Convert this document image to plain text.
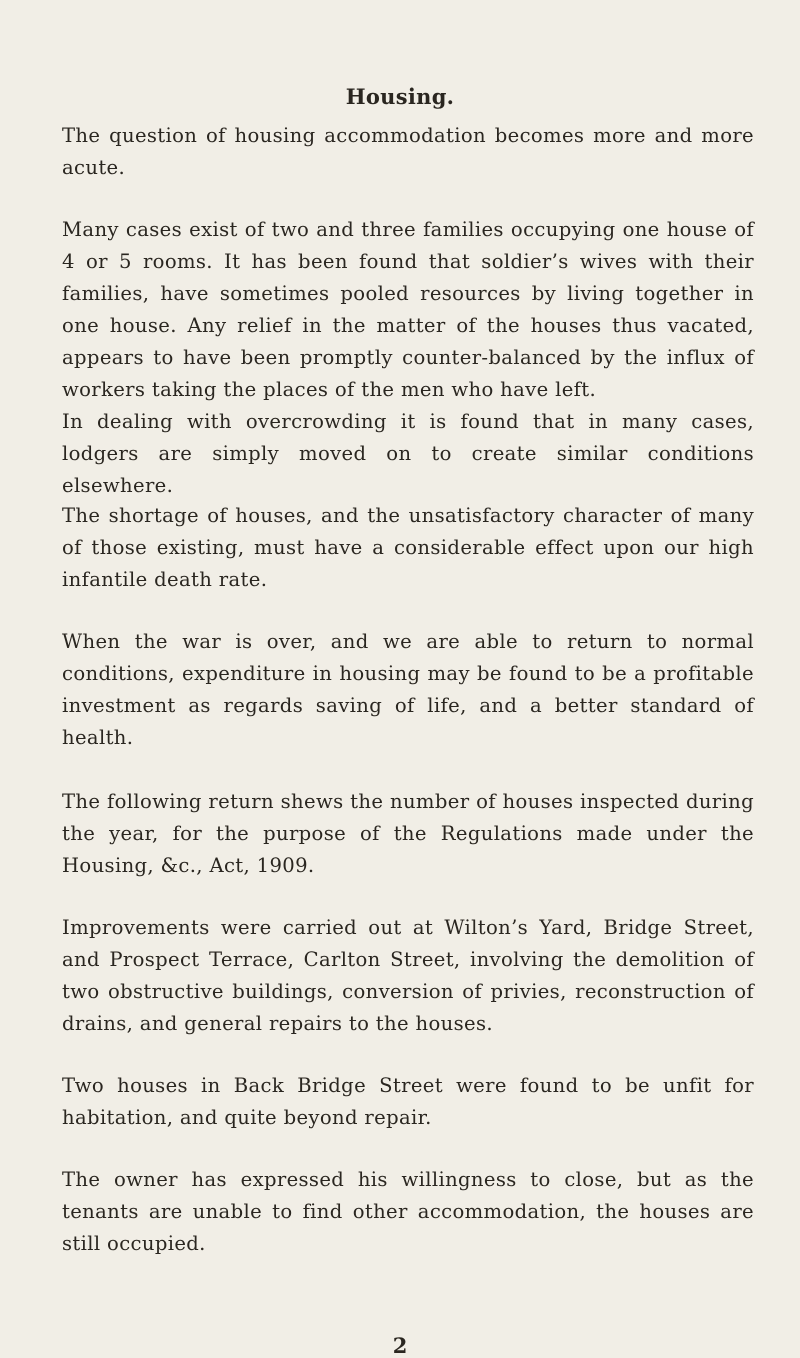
Housing.

The question of housing accommodation becomes more and more acute.

Many cases exist of two and three families occupying one house of 4 or 5 rooms. It has been found that soldier’s wives with their families, have sometimes pooled resources by living together in one house. Any relief in the matter of the houses thus vacated, appears to have been promptly counter-balanced by the influx of workers taking the places of the men who have left.

In dealing with overcrowding it is found that in many cases, lodgers are simply moved on to create similar conditions elsewhere.

The shortage of houses, and the unsatisfactory character of many of those existing, must have a considerable effect upon our high infantile death rate.

When the war is over, and we are able to return to normal conditions, expenditure in housing may be found to be a profitable investment as regards saving of life, and a better standard of health.

The following return shews the number of houses inspected during the year, for the purpose of the Regulations made under the Housing, &c., Act, 1909.

Improvements were carried out at Wilton’s Yard, Bridge Street, and Prospect Terrace, Carlton Street, involving the demolition of two obstructive buildings, conversion of privies, reconstruction of drains, and general repairs to the houses.

Two houses in Back Bridge Street were found to be unfit for habitation, and quite beyond repair.

The owner has expressed his willingness to close, but as the tenants are unable to find other accommodation, the houses are still occupied.

2
